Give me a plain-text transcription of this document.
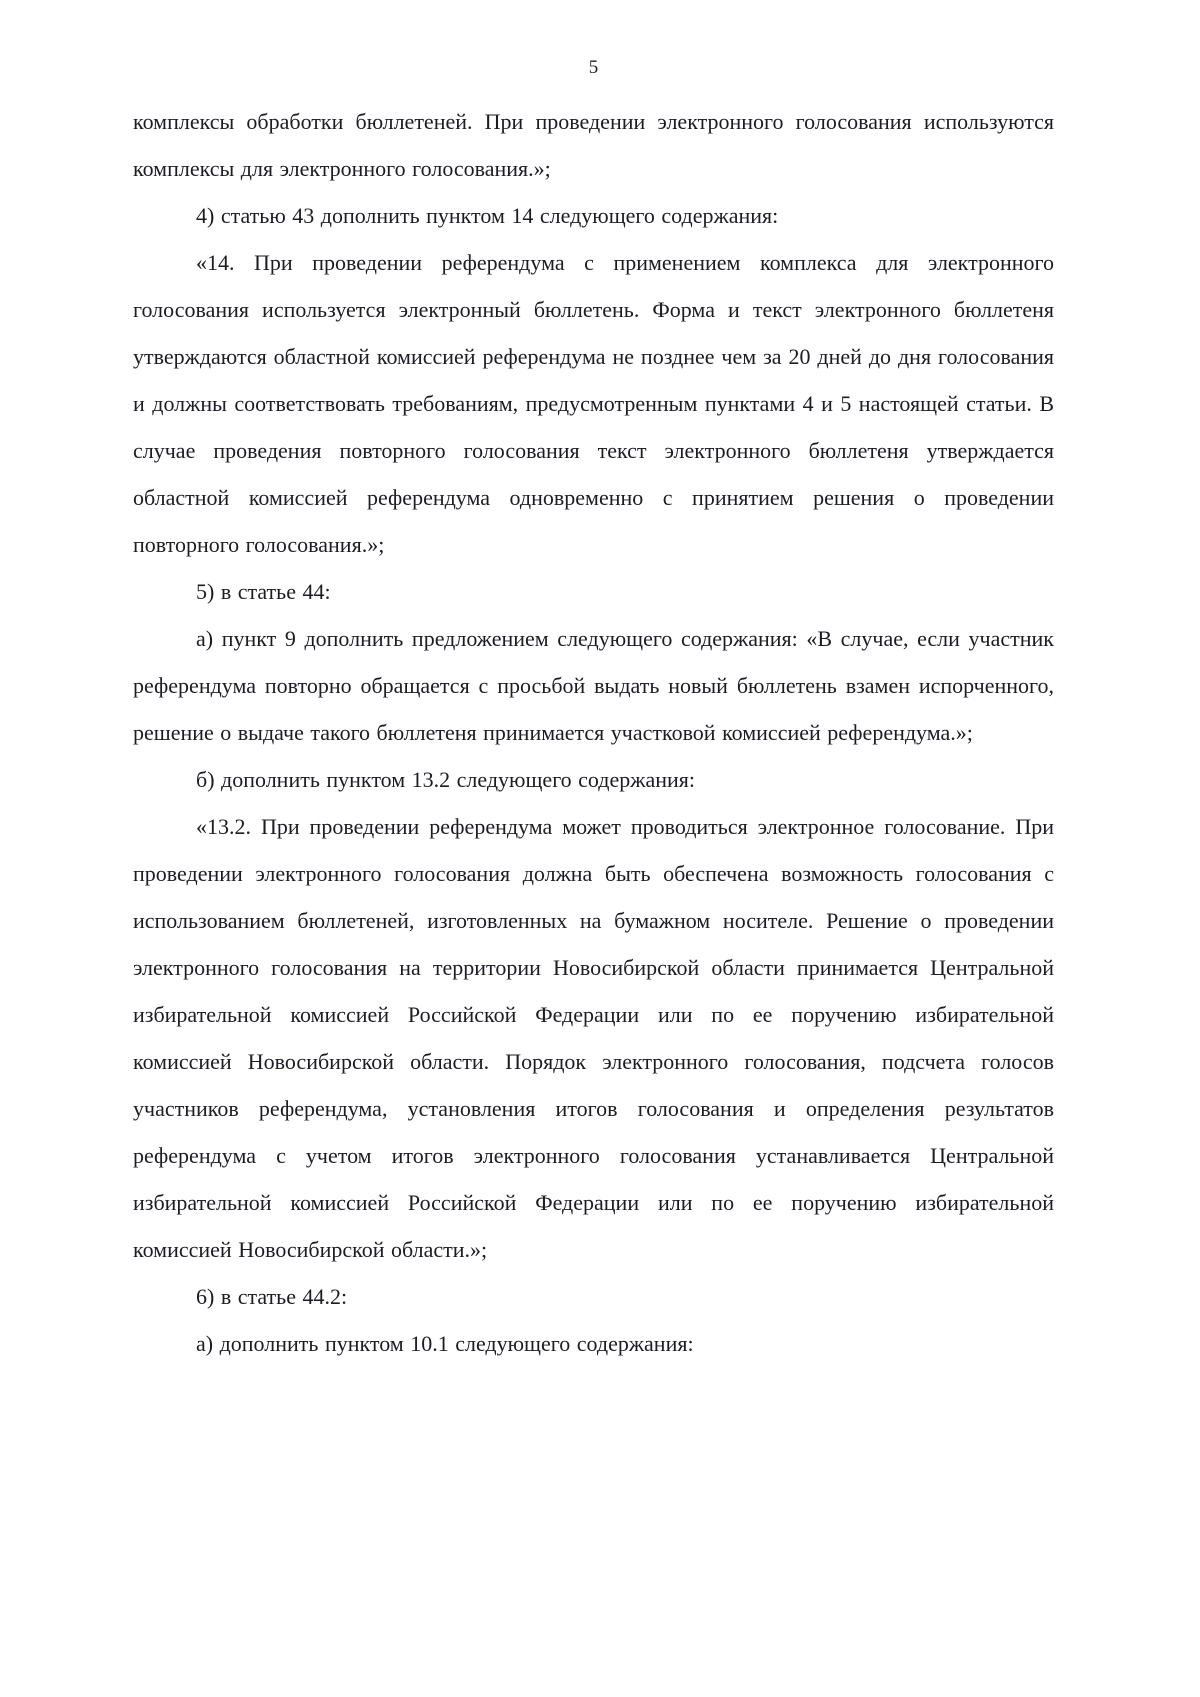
5

комплексы обработки бюллетеней. При проведении электронного голосования используются комплексы для электронного голосования.»;

4) статью 43 дополнить пунктом 14 следующего содержания:

«14. При проведении референдума с применением комплекса для электронного голосования используется электронный бюллетень. Форма и текст электронного бюллетеня утверждаются областной комиссией референдума не позднее чем за 20 дней до дня голосования и должны соответствовать требованиям, предусмотренным пунктами 4 и 5 настоящей статьи. В случае проведения повторного голосования текст электронного бюллетеня утверждается областной комиссией референдума одновременно с принятием решения о проведении повторного голосования.»;

5) в статье 44:

а) пункт 9 дополнить предложением следующего содержания: «В случае, если участник референдума повторно обращается с просьбой выдать новый бюллетень взамен испорченного, решение о выдаче такого бюллетеня принимается участковой комиссией референдума.»;

б) дополнить пунктом 13.2 следующего содержания:

«13.2. При проведении референдума может проводиться электронное голосование. При проведении электронного голосования должна быть обеспечена возможность голосования с использованием бюллетеней, изготовленных на бумажном носителе. Решение о проведении электронного голосования на территории Новосибирской области принимается Центральной избирательной комиссией Российской Федерации или по ее поручению избирательной комиссией Новосибирской области. Порядок электронного голосования, подсчета голосов участников референдума, установления итогов голосования и определения результатов референдума с учетом итогов электронного голосования устанавливается Центральной избирательной комиссией Российской Федерации или по ее поручению избирательной комиссией Новосибирской области.»;

6) в статье 44.2:

а) дополнить пунктом 10.1 следующего содержания:
